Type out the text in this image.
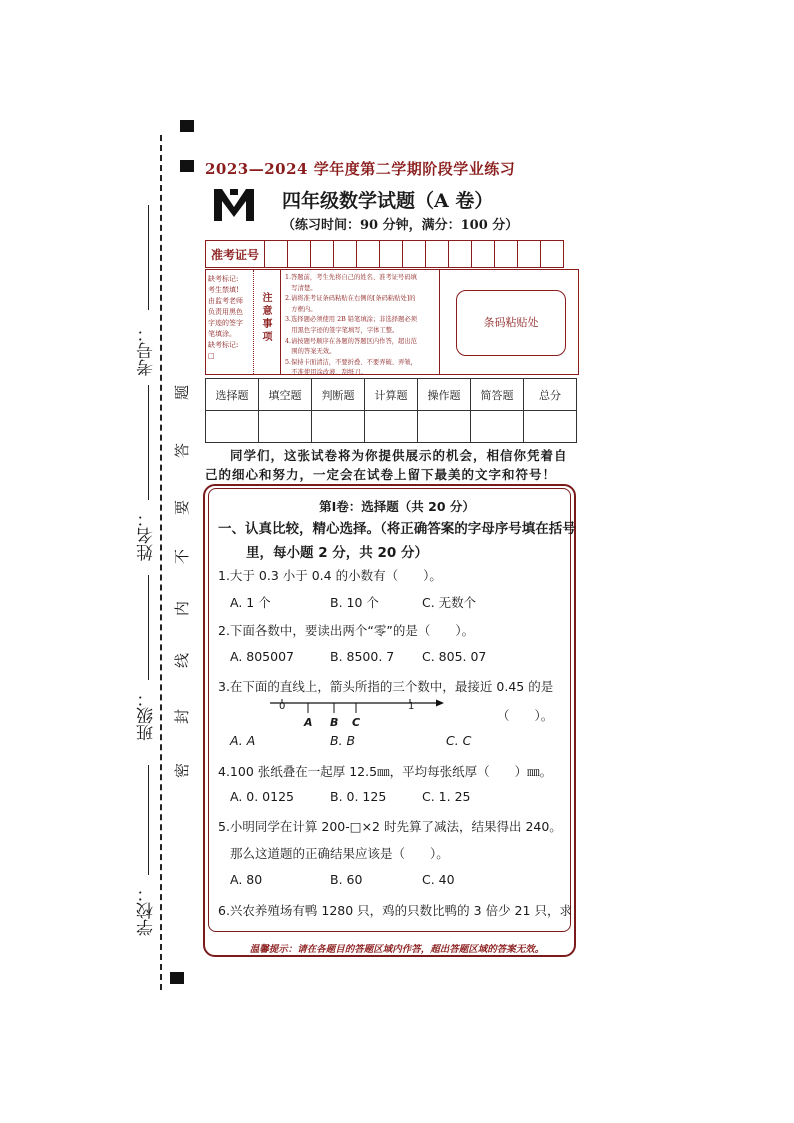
考号：
姓名：
班级：
学校：
题
答
要
不
内
线
封
密
2023—2024 学年度第二学期阶段学业练习
四年级数学试题（A 卷）
（练习时间：90 分钟，满分：100 分）
准考证号													
缺考标记:
考生禁填!
由监考老师
负责用黑色
字迹的签字
笔填涂。
缺考标记:
□
注
意
事
项
1.答题前，考生先将自己的姓名、准考证号码填
　写清楚。
2.请将准考证条码粘贴在右侧的[条码粘贴处]的
　方框内。
3.选择题必须使用 2B 铅笔填涂；非选择题必须
　用黑色字迹的签字笔填写，字体工整。
4.请按题号顺序在各题的答题区内作答，超出范
　围的答案无效。
5.保持卡面清洁，不要折叠、不要弄破、弄皱，
　不准使用涂改液、刮纸刀。
条码粘贴处
选择题	填空题	判断题	计算题	操作题	简答题	总分

同学们，这张试卷将为你提供展示的机会，相信你凭着自己的细心和努力，一定会在试卷上留下最美的文字和符号！
第Ⅰ卷：选择题（共 20 分）
一、认真比较，精心选择。（将正确答案的字母序号填在括号
里，每小题 2 分，共 20 分）
1.大于 0.3 小于 0.4 的小数有（　　）。
A. 1 个	B. 10 个	C. 无数个
2.下面各数中，要读出两个“零”的是（　　）。
A. 805007	B. 8500. 7 C. 805. 07
3.在下面的直线上，箭头所指的三个数中，最接近 0.45 的是
0	1
A B C	（　　）。
A. A	B. B	C. C
4.100 张纸叠在一起厚 12.5㎜，平均每张纸厚（　　）㎜。
A. 0. 0125	B. 0. 125	C. 1. 25
5.小明同学在计算 200-□×2 时先算了减法，结果得出 240。
那么这道题的正确结果应该是（　　）。
A. 80	B. 60	C. 40
6.兴农养殖场有鸭 1280 只，鸡的只数比鸭的 3 倍少 21 只，求
温馨提示：请在各题目的答题区域内作答，超出答题区域的答案无效。
